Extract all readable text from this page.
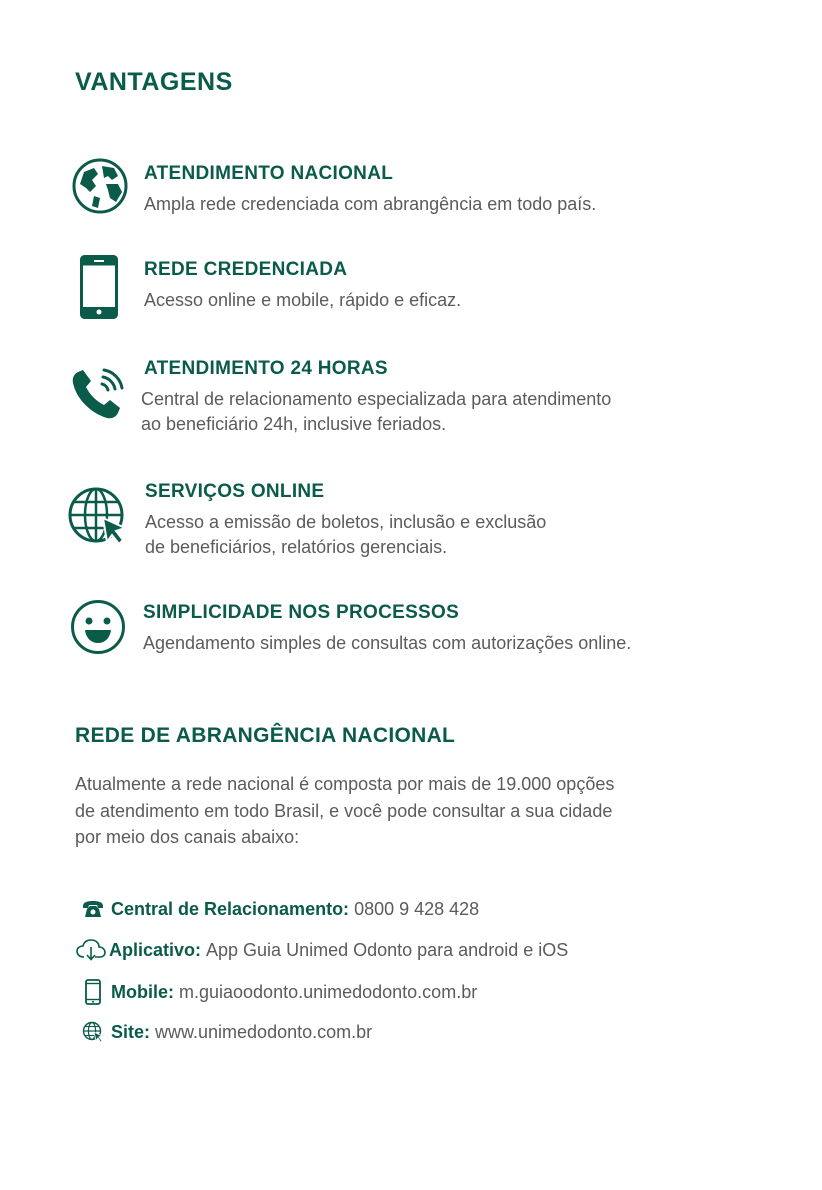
VANTAGENS
ATENDIMENTO NACIONAL
Ampla rede credenciada com abrangência em todo país.
REDE CREDENCIADA
Acesso online e mobile, rápido e eficaz.
ATENDIMENTO 24 HORAS
Central de relacionamento especializada para atendimento
ao beneficiário 24h, inclusive feriados.
SERVIÇOS ONLINE
Acesso a emissão de boletos, inclusão e exclusão
de beneficiários, relatórios gerenciais.
SIMPLICIDADE NOS PROCESSOS
Agendamento simples de consultas com autorizações online.
REDE DE ABRANGÊNCIA NACIONAL
Atualmente a rede nacional é composta por mais de 19.000 opções
de atendimento em todo Brasil, e você pode consultar a sua cidade
por meio dos canais abaixo:
Central de Relacionamento: 0800 9 428 428
Aplicativo: App Guia Unimed Odonto para android e iOS
Mobile: m.guiaoodonto.unimedodonto.com.br
Site: www.unimedodonto.com.br
